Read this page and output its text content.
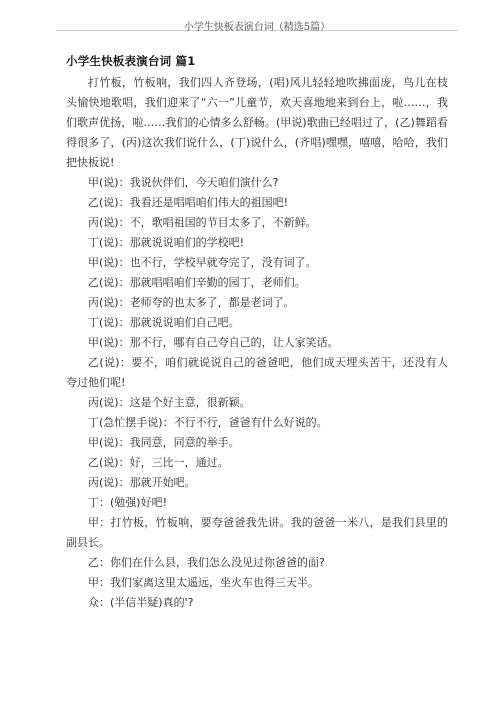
小学生快板表演台词（精选5篇）
小学生快板表演台词 篇1

打竹板，竹板响，我们四人齐登场，(唱)风儿轻轻地吹拂面庞，鸟儿在枝头愉快地歌唱，我们迎来了“六一”儿童节，欢天喜地地来到台上，啦……，我们歌声优扬，啦……我们的心情多么舒畅。(甲说)歌曲已经唱过了，(乙)舞蹈看得很多了，(丙)这次我们说什么，(丁)说什么，(齐唱)嘿嘿，嘻嘻，哈哈，我们把快板说!

甲(说)：我说伙伴们，今天咱们演什么?

乙(说)：我看还是唱唱咱们伟大的祖国吧!

丙(说)：不，歌唱祖国的节目太多了，不新鲜。

丁(说)：那就说说咱们的学校吧!

甲(说)：也不行，学校早就夸完了，没有词了。

乙(说)：那就唱唱咱们辛勤的园丁，老师们。

丙(说)：老师夸的也太多了，都是老词了。

丁(说)：那就说说咱们自己吧。

甲(说)：那不行，哪有自己夸自己的，让人家笑话。

乙(说)：要不，咱们就说说自己的爸爸吧，他们成天埋头苦干，还没有人夸过他们呢!

丙(说)：这是个好主意，很新颖。

丁(急忙摆手说)：不行不行，爸爸有什么好说的。

甲(说)：我同意，同意的举手。

乙(说)：好，三比一，通过。

丙(说)：那就开始吧。

丁：(勉强)好吧!

甲：打竹板，竹板响，要夸爸爸我先讲。我的爸爸一米八，是我们县里的副县长。

乙：你们在什么县，我们怎么没见过你爸爸的面?

甲：我们家离这里太遥远，坐火车也得三天半。

众：(半信半疑)真的'?
